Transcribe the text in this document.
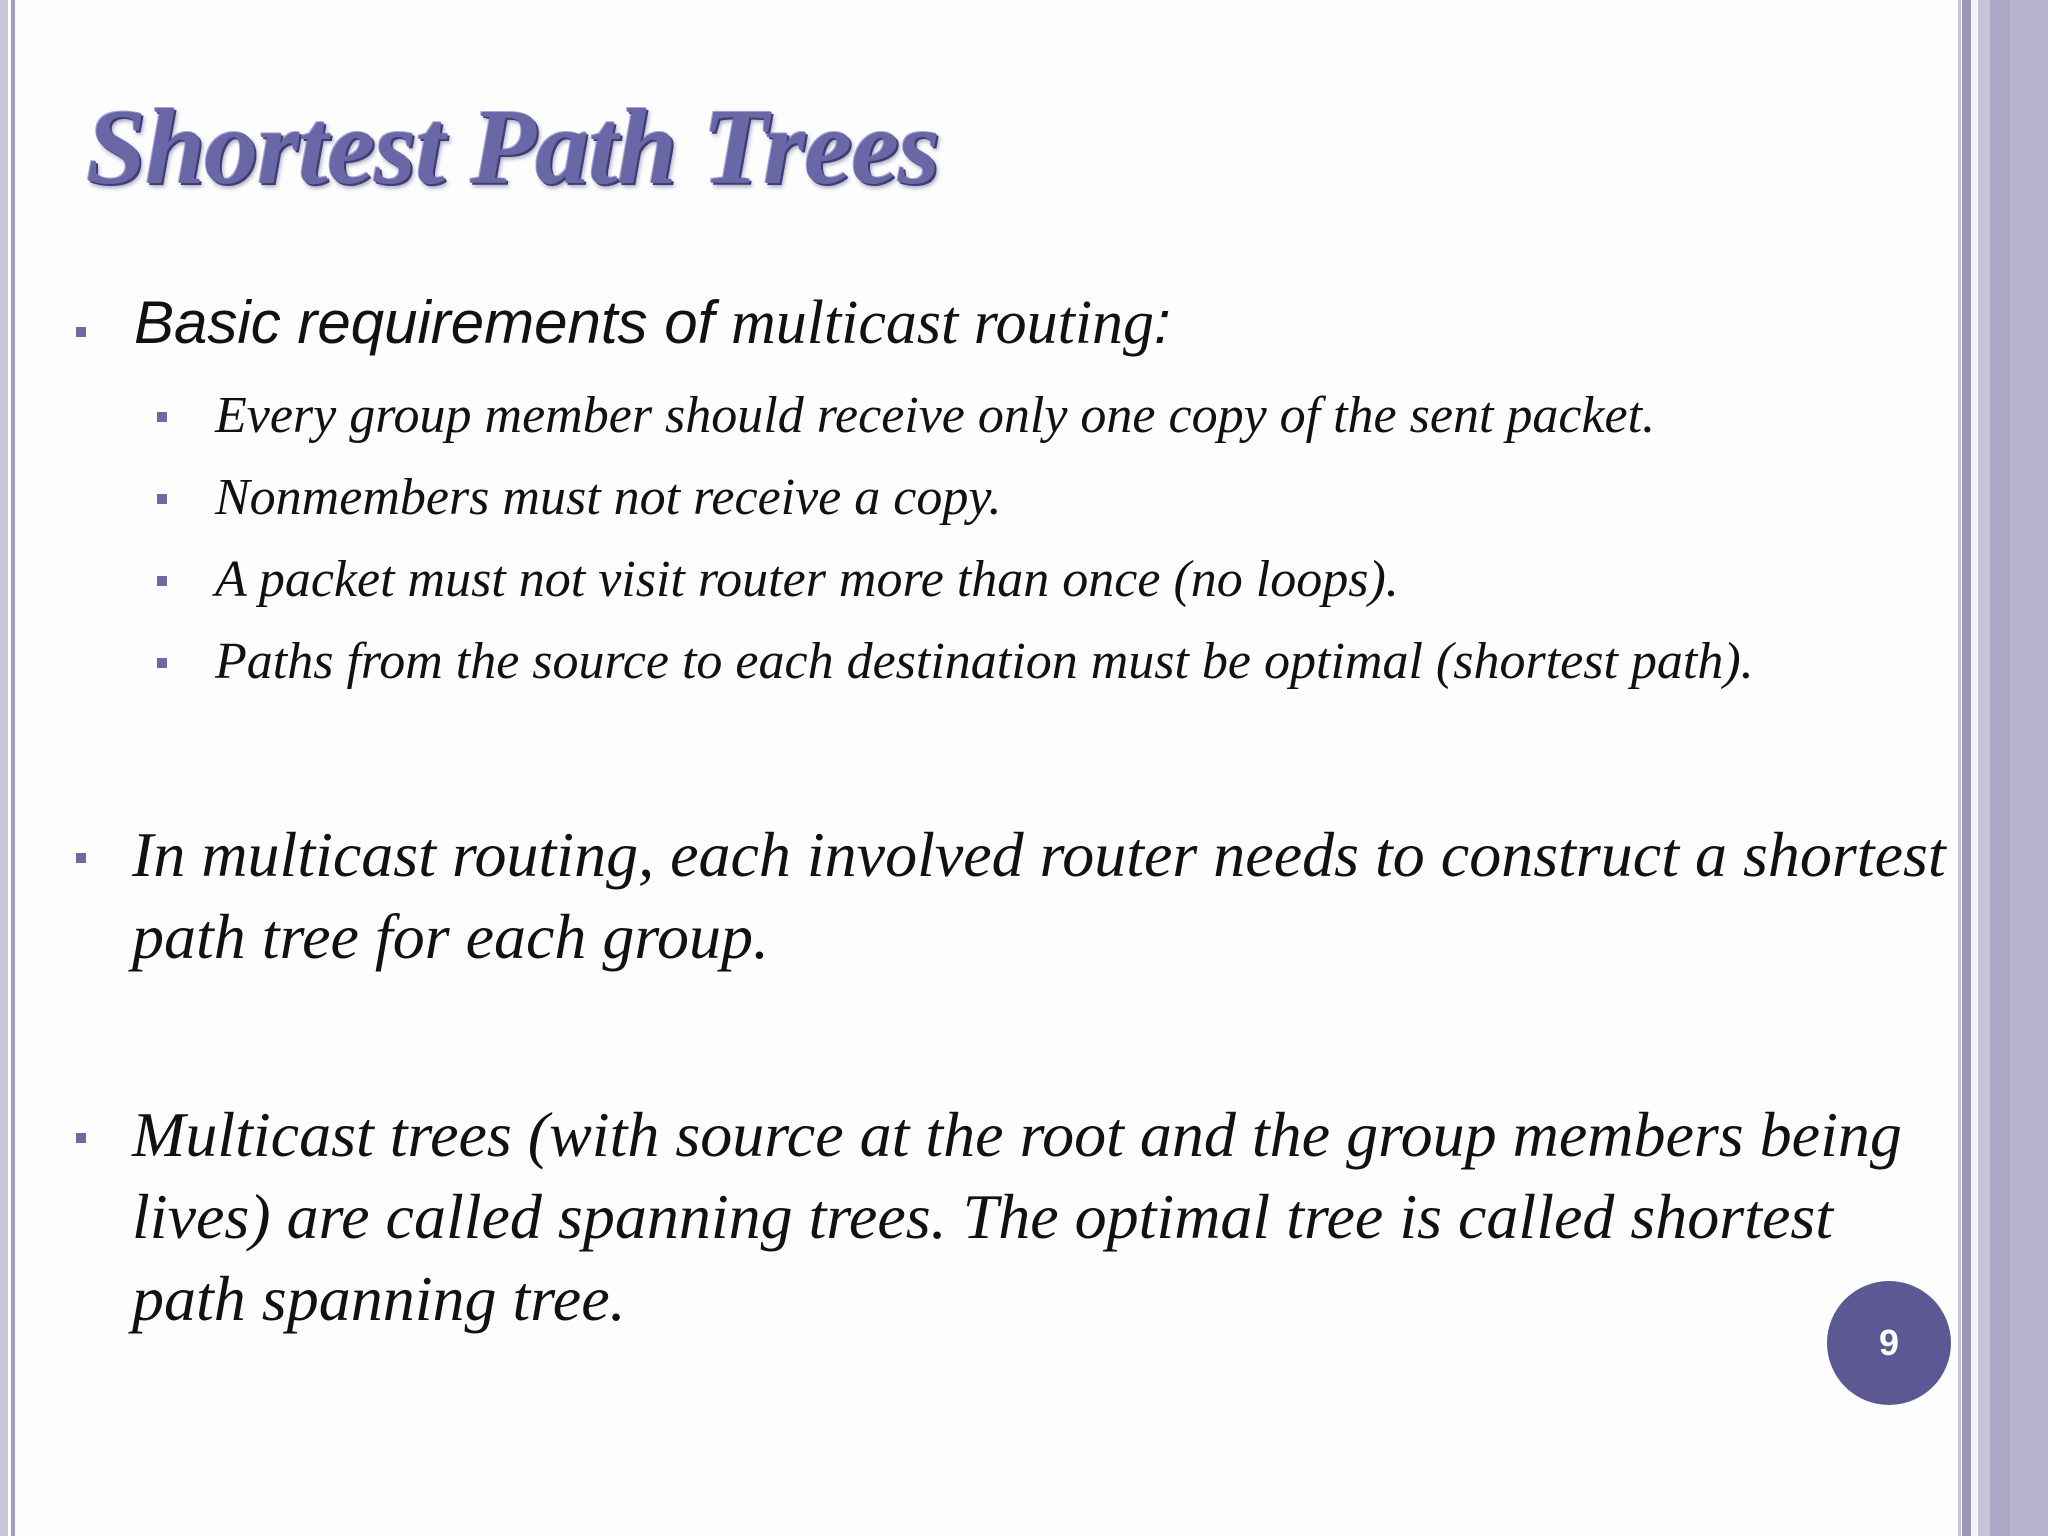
Shortest Path Trees

Basic requirements of multicast routing:

Every group member should receive only one copy of the sent packet.

Nonmembers must not receive a copy.

A packet must not visit router more than once (no loops).

Paths from the source to each destination must be optimal (shortest path).

In multicast routing, each involved router needs to construct a shortest path tree for each group.

Multicast trees (with source at the root and the group members being lives) are called spanning trees. The optimal tree is called shortest path spanning tree.

9
